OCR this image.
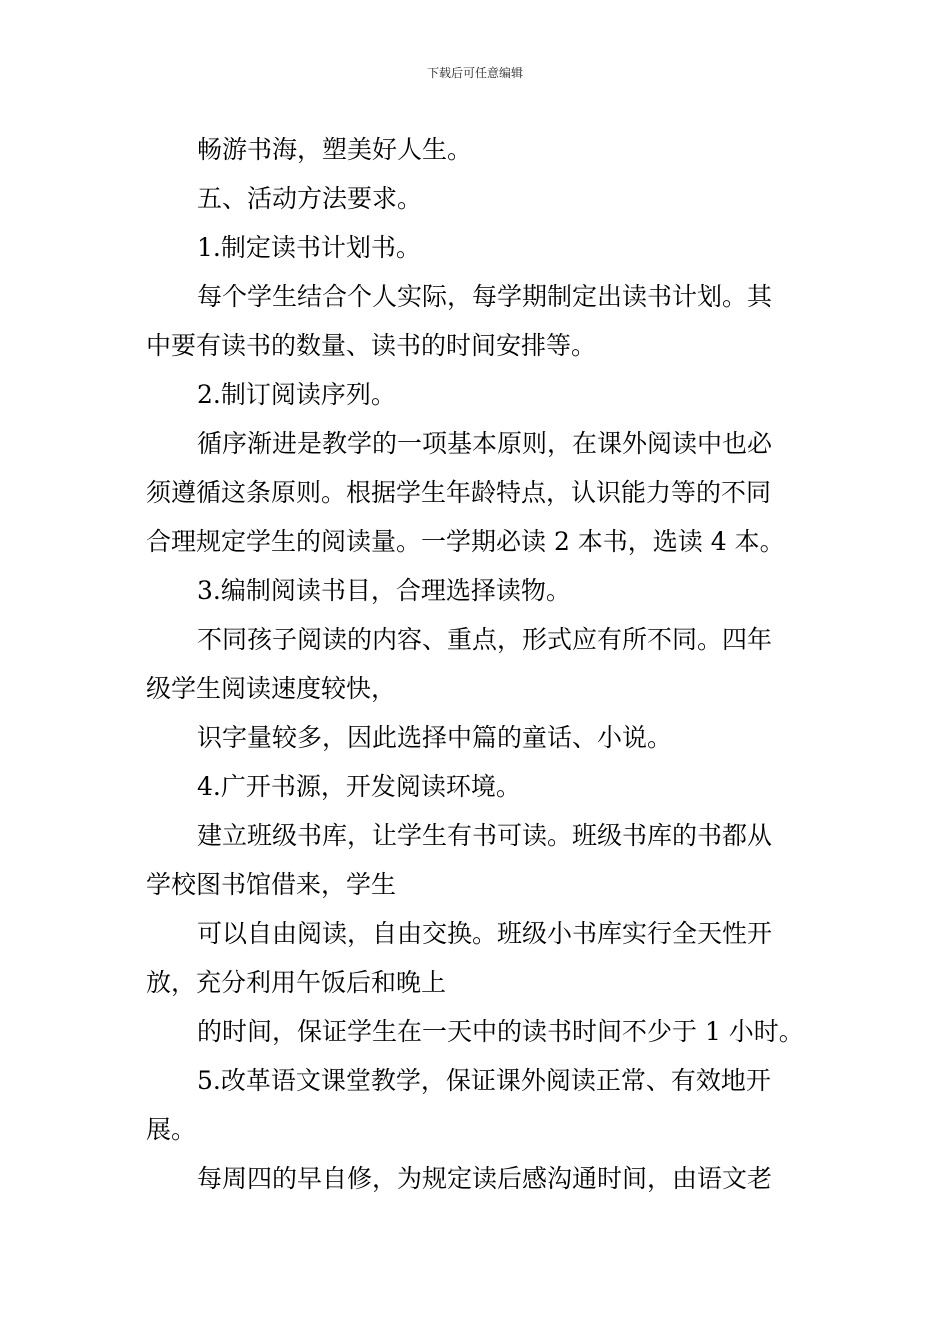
下载后可任意编辑

畅游书海，塑美好人生。

五、活动方法要求。

1.制定读书计划书。

每个学生结合个人实际，每学期制定出读书计划。其

中要有读书的数量、读书的时间安排等。

2.制订阅读序列。

循序渐进是教学的一项基本原则，在课外阅读中也必

须遵循这条原则。根据学生年龄特点，认识能力等的不同

合理规定学生的阅读量。一学期必读 2 本书，选读 4 本。

3.编制阅读书目，合理选择读物。

不同孩子阅读的内容、重点，形式应有所不同。四年

级学生阅读速度较快，

识字量较多，因此选择中篇的童话、小说。

4.广开书源，开发阅读环境。

建立班级书库，让学生有书可读。班级书库的书都从

学校图书馆借来，学生

可以自由阅读，自由交换。班级小书库实行全天性开

放，充分利用午饭后和晚上

的时间，保证学生在一天中的读书时间不少于 1 小时。

5.改革语文课堂教学，保证课外阅读正常、有效地开

展。

每周四的早自修，为规定读后感沟通时间，由语文老
